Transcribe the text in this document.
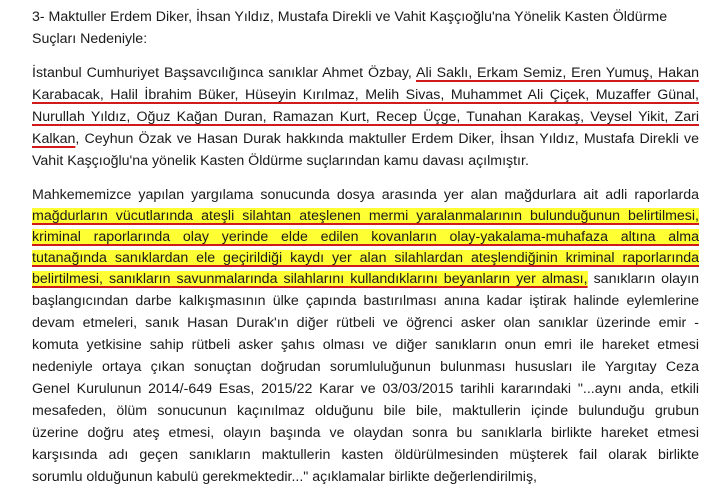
3- Maktuller Erdem Diker, İhsan Yıldız, Mustafa Direkli ve Vahit Kaşçıoğlu'na Yönelik Kasten Öldürme
Suçları Nedeniyle:
İstanbul Cumhuriyet Başsavcılığınca sanıklar Ahmet Özbay, Ali Saklı, Erkam Semiz, Eren Yumuş, Hakan
Karabacak, Halil İbrahim Büker, Hüseyin Kırılmaz, Melih Sivas, Muhammet Ali Çiçek, Muzaffer Günal,
Nurullah Yıldız, Oğuz Kağan Duran, Ramazan Kurt, Recep Üçge, Tunahan Karakaş, Veysel Yikit, Zari
Kalkan, Ceyhun Özak ve Hasan Durak hakkında maktuller Erdem Diker, İhsan Yıldız, Mustafa Direkli ve
Vahit Kaşçıoğlu'na yönelik Kasten Öldürme suçlarından kamu davası açılmıştır.
Mahkememizce yapılan yargılama sonucunda dosya arasında yer alan mağdurlara ait adli raporlarda
mağdurların vücutlarında ateşli silahtan ateşlenen mermi yaralanmalarının bulunduğunun belirtilmesi,
kriminal raporlarında olay yerinde elde edilen kovanların olay-yakalama-muhafaza altına alma
tutanağında sanıklardan ele geçirildiği kaydı yer alan silahlardan ateşlendiğinin kriminal raporlarında
belirtilmesi, sanıkların savunmalarında silahlarını kullandıklarını beyanların yer alması, sanıkların olayın
başlangıcından darbe kalkışmasının ülke çapında bastırılması anına kadar iştirak halinde eylemlerine
devam etmeleri, sanık Hasan Durak'ın diğer rütbeli ve öğrenci asker olan sanıklar üzerinde emir -
komuta yetkisine sahip rütbeli asker şahıs olması ve diğer sanıkların onun emri ile hareket etmesi
nedeniyle ortaya çıkan sonuçtan doğrudan sorumluluğunun bulunması hususları ile Yargıtay Ceza
Genel Kurulunun 2014/-649 Esas, 2015/22 Karar ve 03/03/2015 tarihli kararındaki "...aynı anda, etkili
mesafeden, ölüm sonucunun kaçınılmaz olduğunu bile bile, maktullerin içinde bulunduğu grubun
üzerine doğru ateş etmesi, olayın başında ve olaydan sonra bu sanıklarla birlikte hareket etmesi
karşısında adı geçen sanıkların maktullerin kasten öldürülmesinden müşterek fail olarak birlikte
sorumlu olduğunun kabulü gerekmektedir..." açıklamalar birlikte değerlendirilmiş,
